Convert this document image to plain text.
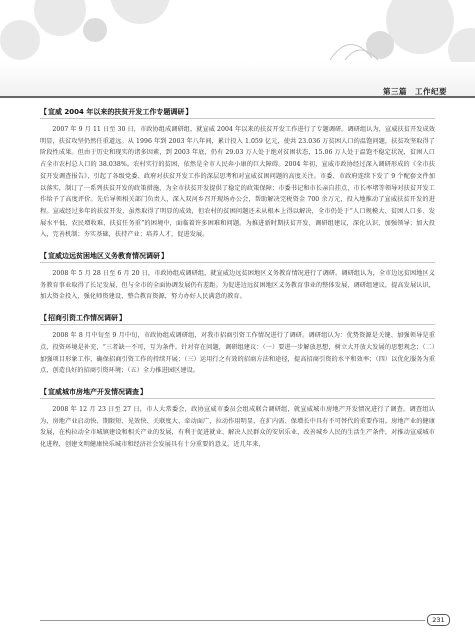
第三篇　工作纪要
【 宣威 2004 年以来的扶贫开发工作专题调研 】

2007 年 9 月 11 日至 30 日，市政协组成调研组，就宣威 2004 年以来的扶贫开发工作进行了专题调研。调研组认为，宣威扶贫开发成效明显，扶贫攻坚仍然任重道远。从 1996 年到 2003 年八年间，累计投入 1.059 亿元，使共 23.036 万贫困人口的温饱问题，扶贫攻坚取得了阶段性成果。但由于历史和现实的诸多因素，到 2003 年底，仍有 29.03 万人处于绝对贫困状态，15.06 万人处于温饱不稳定状况，贫困人口占全市农村总人口的 38.038%。农村实行的贫困，依然是全市人民奔小康的巨大障碍。2004 年初，宣威市政协经过深入调研形成的《全市扶贫开发调查报告》，引起了各级党委、政府对扶贫开发工作的深层思考和对宣威贫困问题的高度关注。市委、市政府连续下发了 9 个配套文件加以落实，制订了一系列扶贫开发的政策措施，为全市扶贫开发提供了稳定的政策保障；市委书记和市长亲自挂点，市长率堵等领导对扶贫开发工作给予了高度评价。先后导领相关部门负责人，深入双河乡召开现场办公会，帮助解决完税资金 700 余万元，投入地推动了宣威扶贫开发的进程。宣威经过多年的扶贫开发，虽然取得了明显的成效，但农村的贫困问题还未从根本上得以解决，全市仍处于“人口规模大、贫困人口多、发展水平低、农民增收难、扶贫任务重”的困境中，面临着许多困难和问题。为推进新时期扶贫开发，调研组建议，深化认识，加强领导；加大投入，完善机制；夯实基础，扶持产业；培养人才，促进发展。

【 宣威边远贫困地区义务教育情况调研 】

2008 年 5 月 28 日至 6 月 20 日，市政协组成调研组，就宣威边远贫困地区义务教育情况进行了调研。调研组认为，全市边远贫困地区义务教育事业取得了长足发展，但与全市的全面协调发展仍有差距。为促进边远贫困地区义务教育事业的整体发展，调研组建议，提高发展认识，加大资金投入，强化师资建设，整合教育资源，努力办好人民满意的教育。

【 招商引资工作情况调研 】

2008 年 8 月中旬至 9 月中旬，市政协组成调研组，对我市招商引资工作情况进行了调研。调研组认为：优势资源是关键、加强领导是重点，投资环境是补充，“三者缺一不可，互为条件。针对存在问题，调研组建议：（一）要进一步解放思想，树立大开放大发展的思想观念；（二）加强项目形象工作，确保招商引资工作的持续开展；（三）运用行之有效的招商方法和途径，提高招商引资的水平和效率；（四）以优化服务为重点，创造良好的招商引资环境；（五）全力推进园区建设。

【 宣威城市房地产开发情况调查 】

2008 年 12 月 23 日至 27 日，市人大常委会，政协宣威市委员会组成联合调研组，就宣威城市房地产开发情况进行了调查。调查组认为，房地产业启动快、期限短、见效快、关联度大、牵动面广、拉动作用明显，在扩内需、保增长中具有不可替代的重要作用。房地产业的健康发展，在构拉动全市城镇建设和相关产业的发展，有利于促进就业、解决人民群众的安居乐业，改善城乡人民的生活生产条件，对推动宣威城市化进程，创建文明健康快乐城市和经济社会发展具有十分重要的意义。近几年来，

231
